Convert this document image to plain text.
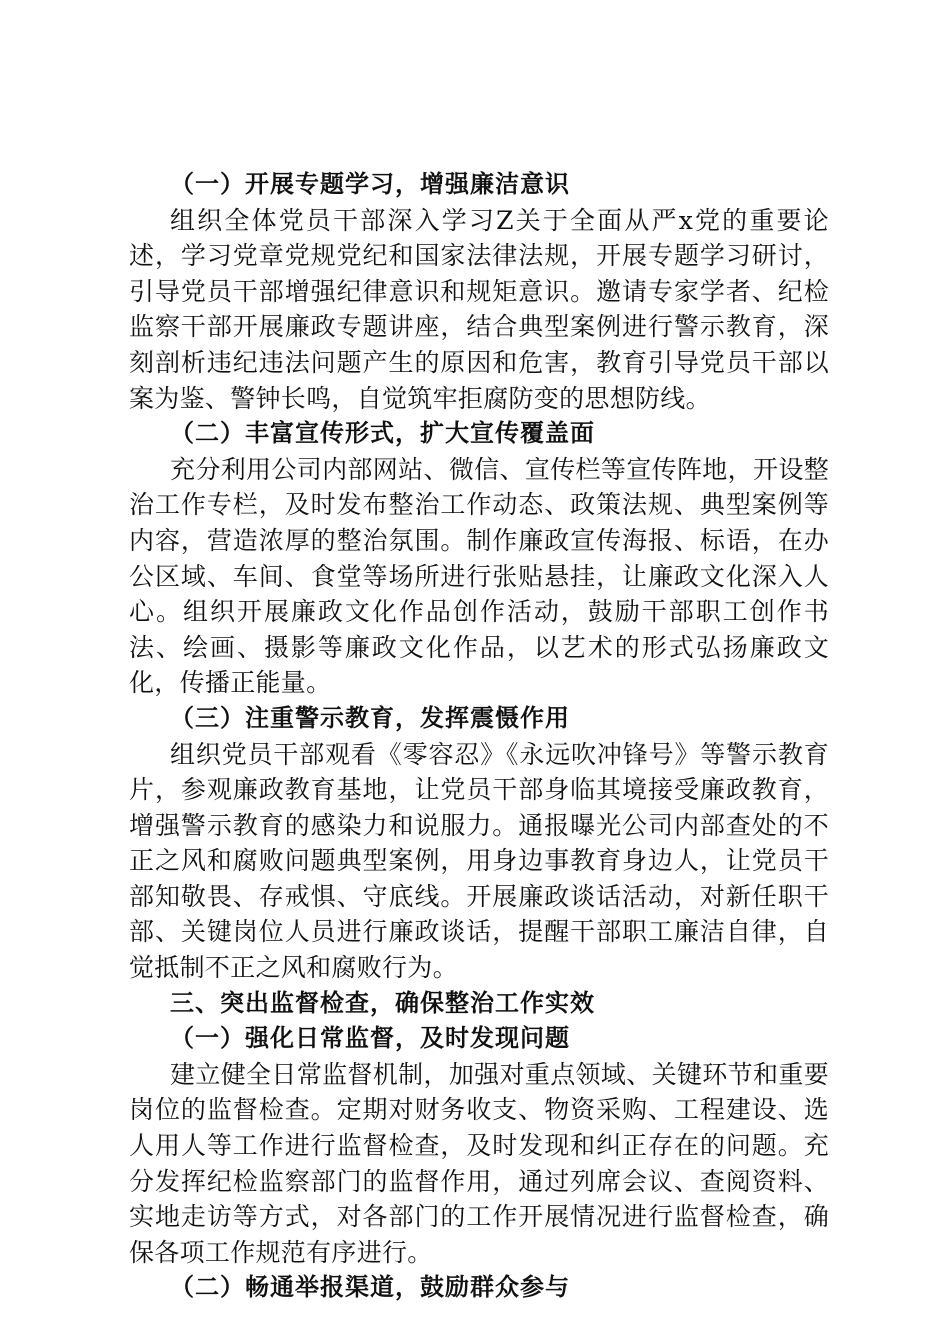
（一）开展专题学习，增强廉洁意识

组织全体党员干部深入学习Z关于全面从严x党的重要论述，学习党章党规党纪和国家法律法规，开展专题学习研讨，引导党员干部增强纪律意识和规矩意识。邀请专家学者、纪检监察干部开展廉政专题讲座，结合典型案例进行警示教育，深刻剖析违纪违法问题产生的原因和危害，教育引导党员干部以案为鉴、警钟长鸣，自觉筑牢拒腐防变的思想防线。

（二）丰富宣传形式，扩大宣传覆盖面

充分利用公司内部网站、微信、宣传栏等宣传阵地，开设整治工作专栏，及时发布整治工作动态、政策法规、典型案例等内容，营造浓厚的整治氛围。制作廉政宣传海报、标语，在办公区域、车间、食堂等场所进行张贴悬挂，让廉政文化深入人心。组织开展廉政文化作品创作活动，鼓励干部职工创作书法、绘画、摄影等廉政文化作品，以艺术的形式弘扬廉政文化，传播正能量。

（三）注重警示教育，发挥震慑作用

组织党员干部观看《零容忍》《永远吹冲锋号》等警示教育片，参观廉政教育基地，让党员干部身临其境接受廉政教育，增强警示教育的感染力和说服力。通报曝光公司内部查处的不正之风和腐败问题典型案例，用身边事教育身边人，让党员干部知敬畏、存戒惧、守底线。开展廉政谈话活动，对新任职干部、关键岗位人员进行廉政谈话，提醒干部职工廉洁自律，自觉抵制不正之风和腐败行为。

三、突出监督检查，确保整治工作实效

（一）强化日常监督，及时发现问题

建立健全日常监督机制，加强对重点领域、关键环节和重要岗位的监督检查。定期对财务收支、物资采购、工程建设、选人用人等工作进行监督检查，及时发现和纠正存在的问题。充分发挥纪检监察部门的监督作用，通过列席会议、查阅资料、实地走访等方式，对各部门的工作开展情况进行监督检查，确保各项工作规范有序进行。

（二）畅通举报渠道，鼓励群众参与
